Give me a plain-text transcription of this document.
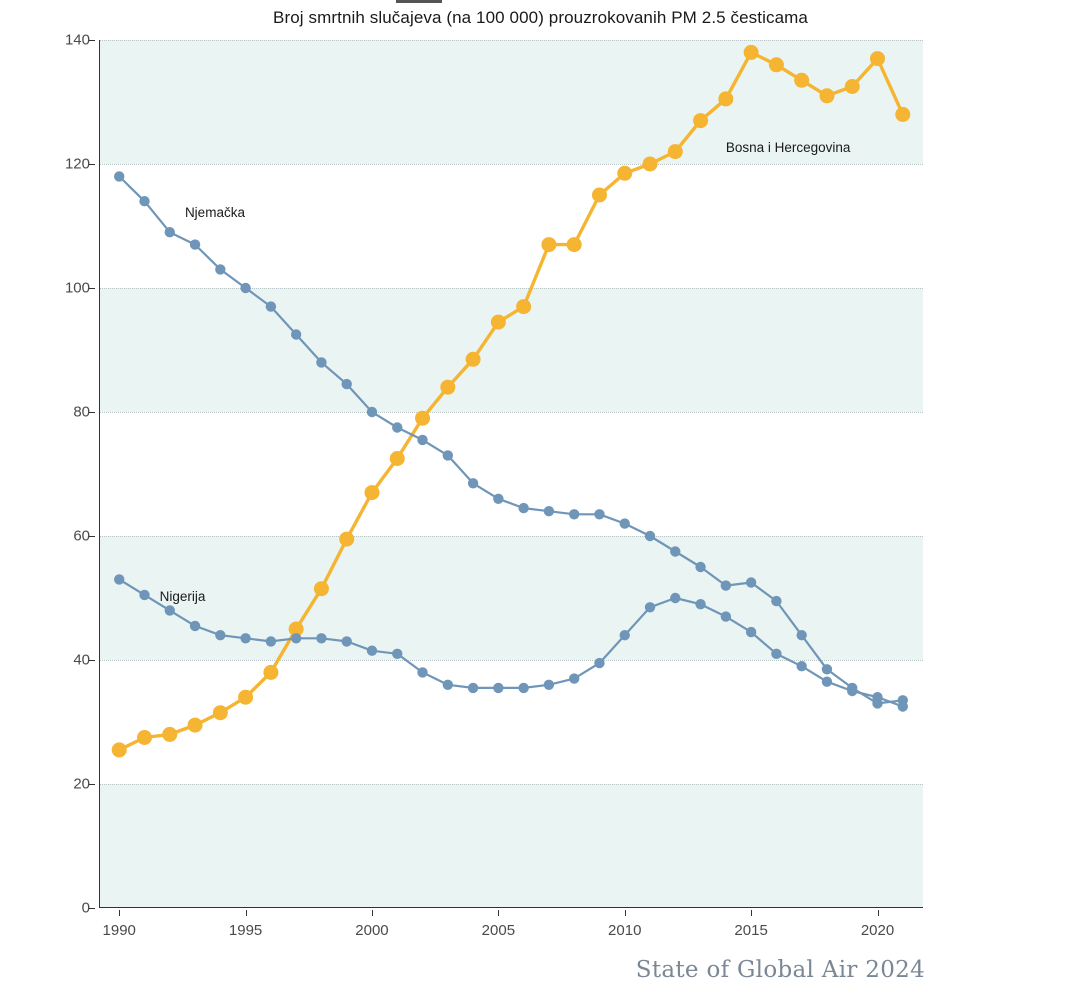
Broj smrtnih slučajeva (na 100 000) prouzrokovanih PM 2.5 česticama
0
20
40
60
80
100
120
140
Bosna i Hercegovina
Njemačka
Nigerija
1990	1995	2000	2005	2010	2015	2020
State of Global Air 2024
